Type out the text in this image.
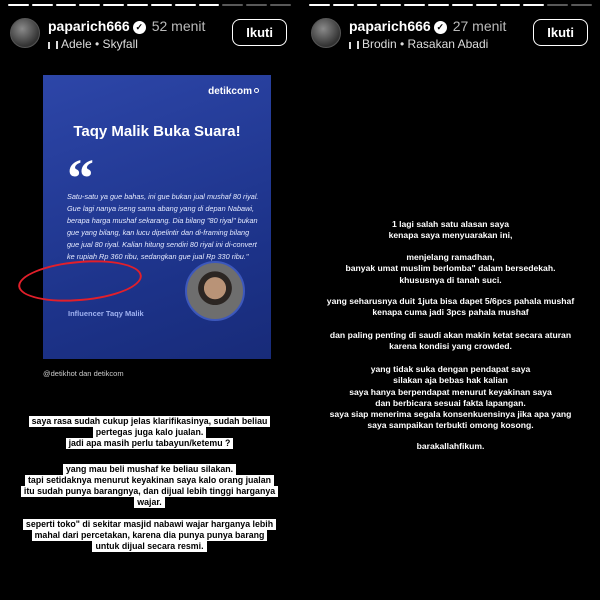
paparich666 ✓ 52 menit
Adele • Skyfall
Ikuti
detikcom
Taqy Malik Buka Suara!
“
Satu-satu ya gue bahas, ini gue bukan jual mushaf 80 riyal. Gue lagi nanya iseng sama abang yang di depan Nabawi, berapa harga mushaf sekarang. Dia bilang "80 riyal" bukan gue yang bilang, kan lucu dipelintir dan di-framing bilang gue jual 80 riyal. Kalian hitung sendiri 80 riyal ini di-convert ke rupiah Rp 360 ribu, sedangkan gue jual Rp 330 ribu."
Influencer Taqy Malik
@detikhot dan detikcom
saya rasa sudah cukup jelas klarifikasinya, sudah beliau
pertegas juga kalo jualan.
jadi apa masih perlu tabayun/ketemu ?
yang mau beli mushaf ke beliau silakan.
tapi setidaknya menurut keyakinan saya kalo orang jualan
itu sudah punya barangnya, dan dijual lebih tinggi harganya
wajar.
seperti toko" di sekitar masjid nabawi wajar harganya lebih
mahal dari percetakan, karena dia punya punya barang
untuk dijual secara resmi.
paparich666 ✓ 27 menit
Brodin • Rasakan Abadi
Ikuti
1 lagi salah satu alasan saya
kenapa saya menyuarakan ini,
menjelang ramadhan,
banyak umat muslim berlomba" dalam bersedekah.
khususnya di tanah suci.
yang seharusnya duit 1juta bisa dapet 5/6pcs pahala mushaf
kenapa cuma jadi 3pcs pahala mushaf
dan paling penting di saudi akan makin ketat secara aturan
karena kondisi yang crowded.
yang tidak suka dengan pendapat saya
silakan aja bebas hak kalian
saya hanya berpendapat menurut keyakinan saya
dan berbicara sesuai fakta lapangan.
saya siap menerima segala konsenkuensinya jika apa yang
saya sampaikan terbukti omong kosong.
barakallahfikum.
